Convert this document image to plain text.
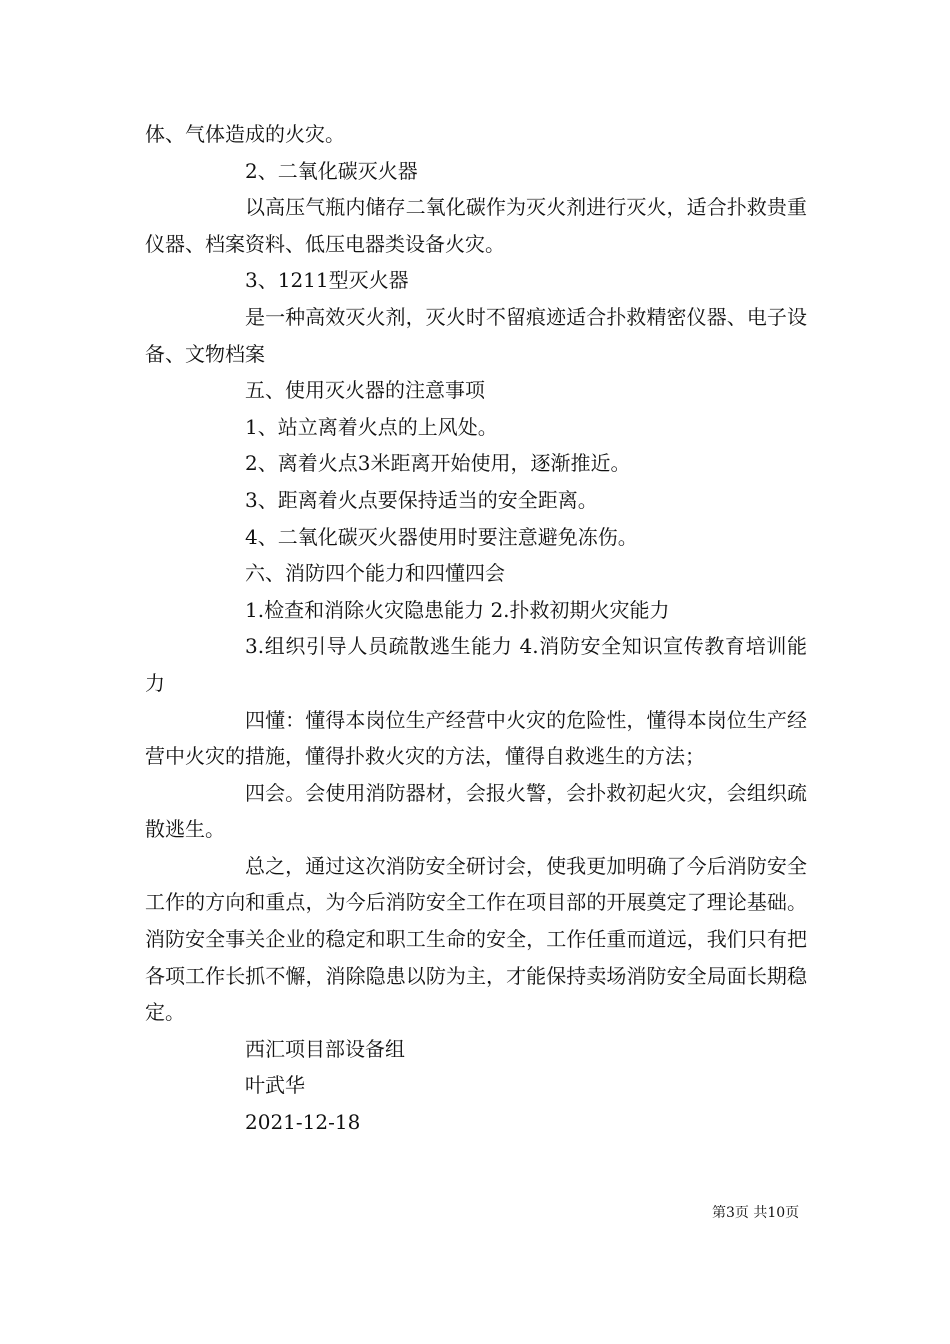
体、气体造成的火灾。

2、二氧化碳灭火器

以高压气瓶内储存二氧化碳作为灭火剂进行灭火，适合扑救贵重仪器、档案资料、低压电器类设备火灾。

3、1211型灭火器

是一种高效灭火剂，灭火时不留痕迹适合扑救精密仪器、电子设备、文物档案

五、使用灭火器的注意事项

1、站立离着火点的上风处。

2、离着火点3米距离开始使用，逐渐推近。

3、距离着火点要保持适当的安全距离。

4、二氧化碳灭火器使用时要注意避免冻伤。

六、消防四个能力和四懂四会

1.检查和消除火灾隐患能力 2.扑救初期火灾能力

3.组织引导人员疏散逃生能力 4.消防安全知识宣传教育培训能力

四懂：懂得本岗位生产经营中火灾的危险性，懂得本岗位生产经营中火灾的措施，懂得扑救火灾的方法，懂得自救逃生的方法；

四会。会使用消防器材，会报火警，会扑救初起火灾，会组织疏散逃生。

总之，通过这次消防安全研讨会，使我更加明确了今后消防安全工作的方向和重点，为今后消防安全工作在项目部的开展奠定了理论基础。消防安全事关企业的稳定和职工生命的安全，工作任重而道远，我们只有把各项工作长抓不懈，消除隐患以防为主，才能保持卖场消防安全局面长期稳定。

西汇项目部设备组

叶武华

2021-12-18

第3页 共10页
